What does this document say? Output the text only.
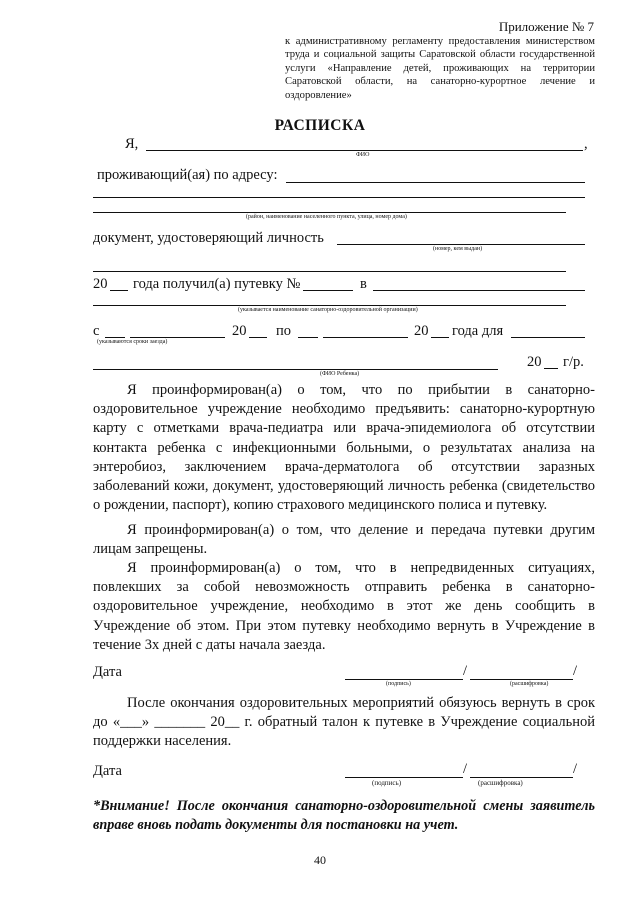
Приложение № 7
к административному регламенту предоставления министерством труда и социальной защиты Саратовской области государственной услуги «Направление детей, проживающих на территории Саратовской области, на санаторно-курортное лечение и оздоровление»
РАСПИСКА
Я,	,
ФИО
проживающий(ая) по адресу:
(район, наименование населенного пункта, улица, номер дома)
документ, удостоверяющий личность
(номер, кем выдан)
20 года получил(а) путевку №	в
(указывается наименование санаторно-оздоровительной организации)
с	20 по	20 года для
(указываются сроки заезда)
(ФИО Ребенка)
20 г/р.
Я проинформирован(а) о том, что по прибытии в санаторно-оздоровительное учреждение необходимо предъявить: санаторно-курортную карту с отметками врача-педиатра или врача-эпидемиолога об отсутствии контакта ребенка с инфекционными больными, о результатах анализа на энтеробиоз, заключением врача-дерматолога об отсутствии заразных заболеваний кожи, документ, удостоверяющий личность ребенка (свидетельство о рождении, паспорт), копию страхового медицинского полиса и путевку.
Я проинформирован(а) о том, что деление и передача путевки другим лицам запрещены.
Я проинформирован(а) о том, что в непредвиденных ситуациях, повлекших за собой невозможность отправить ребенка в санаторно-оздоровительное учреждение, необходимо в этот же день сообщить в Учреждение об этом. При этом путевку необходимо вернуть в Учреждение в течение 3х дней с даты начала заезда.
Дата	/	/
(подпись)	(расшифровка)
После окончания оздоровительных мероприятий обязуюсь вернуть в срок до «___» _______ 20__ г. обратный талон к путевке в Учреждение социальной поддержки населения.
Дата	/	/
(подпись)	(расшифровка)
*Внимание! После окончания санаторно-оздоровительной смены заявитель вправе вновь подать документы для постановки на учет.
40
